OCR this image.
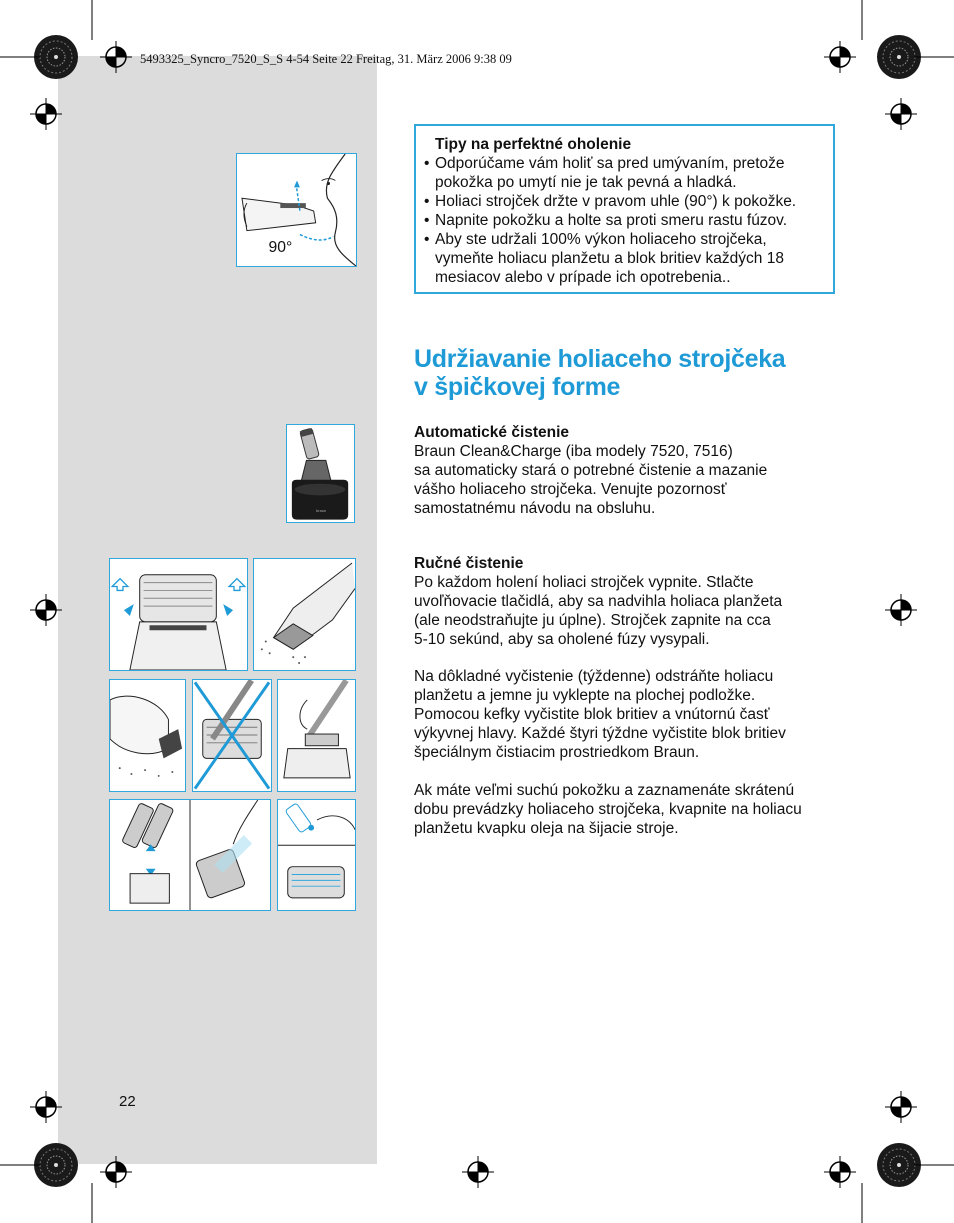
5493325_Syncro_7520_S_S 4-54 Seite 22 Freitag, 31. März 2006 9:38 09
90°
braun
Tipy na perfektné oholenie
• Odporúčame vám holiť sa pred umývaním, pretože
pokožka po umytí nie je tak pevná a hladká.
• Holiaci strojček držte v pravom uhle (90°) k pokožke.
• Napnite pokožku a holte sa proti smeru rastu fúzov.
• Aby ste udržali 100% výkon holiaceho strojčeka,
vymeňte holiacu planžetu a blok britiev každých 18
mesiacov alebo v prípade ich opotrebenia..
Udržiavanie holiaceho strojčeka
v špičkovej forme
Automatické čistenie
Braun Clean&Charge (iba modely 7520, 7516)
sa automaticky stará o potrebné čistenie a mazanie
vášho holiaceho strojčeka. Venujte pozornosť
samostatnému návodu na obsluhu.
Ručné čistenie
Po každom holení holiaci strojček vypnite. Stlačte
uvoľňovacie tlačidlá, aby sa nadvihla holiaca planžeta
(ale neodstraňujte ju úplne). Strojček zapnite na cca
5-10 sekúnd, aby sa oholené fúzy vysypali.
Na dôkladné vyčistenie (týždenne) odstráňte holiacu
planžetu a jemne ju vyklepte na plochej podložke.
Pomocou kefky vyčistite blok britiev a vnútornú časť
výkyvnej hlavy. Každé štyri týždne vyčistite blok britiev
špeciálnym čistiacim prostriedkom Braun.
Ak máte veľmi suchú pokožku a zaznamenáte skrátenú
dobu prevádzky holiaceho strojčeka, kvapnite na holiacu
planžetu kvapku oleja na šijacie stroje.
22
